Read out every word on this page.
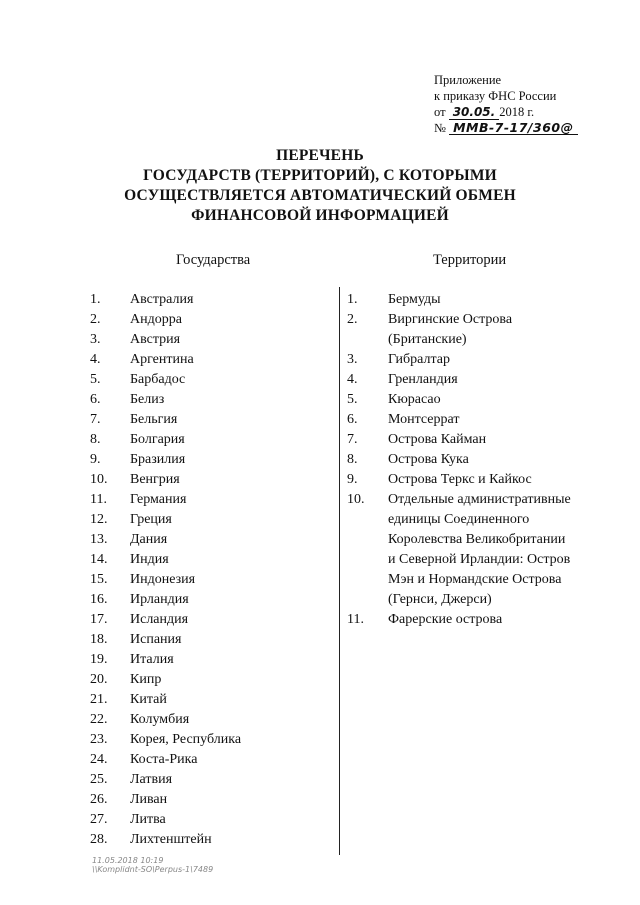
Приложение
к приказу ФНС России
от 30.05. 2018 г.
№ ММВ-7-17/360@
ПЕРЕЧЕНЬ
ГОСУДАРСТВ (ТЕРРИТОРИЙ), С КОТОРЫМИ
ОСУЩЕСТВЛЯЕТСЯ АВТОМАТИЧЕСКИЙ ОБМЕН
ФИНАНСОВОЙ ИНФОРМАЦИЕЙ
Государства	Территории
1.	Австралия
2.	Андорра
3.	Австрия
4.	Аргентина
5.	Барбадос
6.	Белиз
7.	Бельгия
8.	Болгария
9.	Бразилия
10.	Венгрия
11.	Германия
12.	Греция
13.	Дания
14.	Индия
15.	Индонезия
16.	Ирландия
17.	Исландия
18.	Испания
19.	Италия
20.	Кипр
21.	Китай
22.	Колумбия
23.	Корея, Республика
24.	Коста-Рика
25.	Латвия
26.	Ливан
27.	Литва
28.	Лихтенштейн
1.	Бермуды
2.	Виргинские Острова
(Британские)
3.	Гибралтар
4.	Гренландия
5.	Кюрасао
6.	Монтсеррат
7.	Острова Кайман
8.	Острова Кука
9.	Острова Теркс и Кайкос
10.	Отдельные административные
единицы Соединенного
Королевства Великобритании
и Северной Ирландии: Остров
Мэн и Нормандские Острова
(Гернси, Джерси)
11.	Фарерские острова
11.05.2018 10:19
\\Komplidnt-SO\Perpus-1\7489
